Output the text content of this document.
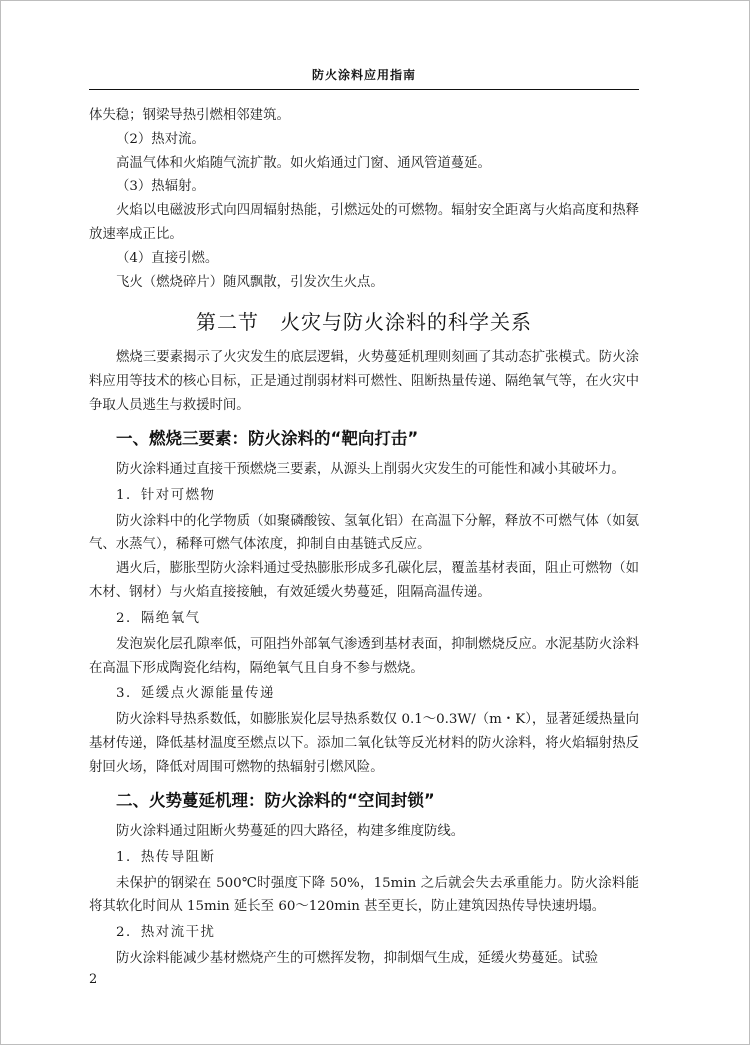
防火涂料应用指南

体失稳；钢梁导热引燃相邻建筑。

（2）热对流。

高温气体和火焰随气流扩散。如火焰通过门窗、通风管道蔓延。

（3）热辐射。

火焰以电磁波形式向四周辐射热能，引燃远处的可燃物。辐射安全距离与火焰高度和热释放速率成正比。

（4）直接引燃。

飞火（燃烧碎片）随风飘散，引发次生火点。

第二节　火灾与防火涂料的科学关系

燃烧三要素揭示了火灾发生的底层逻辑，火势蔓延机理则刻画了其动态扩张模式。防火涂料应用等技术的核心目标，正是通过削弱材料可燃性、阻断热量传递、隔绝氧气等，在火灾中争取人员逃生与救援时间。

一、燃烧三要素：防火涂料的“靶向打击”

防火涂料通过直接干预燃烧三要素，从源头上削弱火灾发生的可能性和减小其破坏力。

1．针对可燃物

防火涂料中的化学物质（如聚磷酸铵、氢氧化铝）在高温下分解，释放不可燃气体（如氨气、水蒸气），稀释可燃气体浓度，抑制自由基链式反应。

遇火后，膨胀型防火涂料通过受热膨胀形成多孔碳化层，覆盖基材表面，阻止可燃物（如木材、钢材）与火焰直接接触，有效延缓火势蔓延，阻隔高温传递。

2．隔绝氧气

发泡炭化层孔隙率低，可阻挡外部氧气渗透到基材表面，抑制燃烧反应。水泥基防火涂料在高温下形成陶瓷化结构，隔绝氧气且自身不参与燃烧。

3．延缓点火源能量传递

防火涂料导热系数低，如膨胀炭化层导热系数仅 0.1～0.3W/（m・K），显著延缓热量向基材传递，降低基材温度至燃点以下。添加二氧化钛等反光材料的防火涂料，将火焰辐射热反射回火场，降低对周围可燃物的热辐射引燃风险。

二、火势蔓延机理：防火涂料的“空间封锁”

防火涂料通过阻断火势蔓延的四大路径，构建多维度防线。

1．热传导阻断

未保护的钢梁在 500℃时强度下降 50%，15min 之后就会失去承重能力。防火涂料能将其软化时间从 15min 延长至 60～120min 甚至更长，防止建筑因热传导快速坍塌。

2．热对流干扰

防火涂料能减少基材燃烧产生的可燃挥发物，抑制烟气生成，延缓火势蔓延。试验

2
